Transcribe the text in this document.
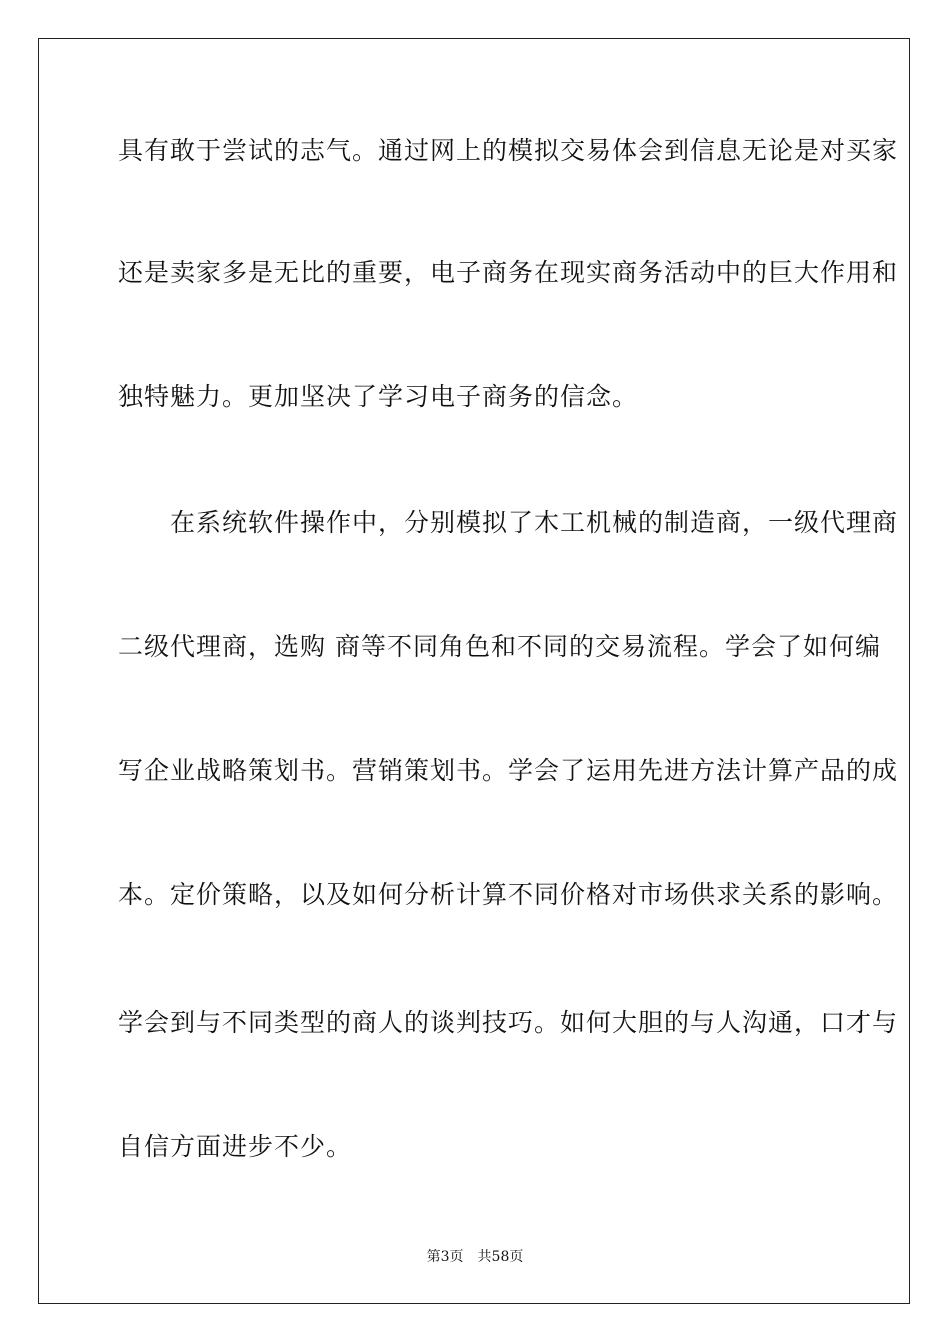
具有敢于尝试的志气。通过网上的模拟交易体会到信息无论是对买家

还是卖家多是无比的重要，电子商务在现实商务活动中的巨大作用和

独特魅力。更加坚决了学习电子商务的信念。

　　在系统软件操作中，分别模拟了木工机械的制造商，一级代理商

二级代理商，选购 商等不同角色和不同的交易流程。学会了如何编

写企业战略策划书。营销策划书。学会了运用先进方法计算产品的成

本。定价策略，以及如何分析计算不同价格对市场供求关系的影响。

学会到与不同类型的商人的谈判技巧。如何大胆的与人沟通，口才与

自信方面进步不少。

第3页 共58页
